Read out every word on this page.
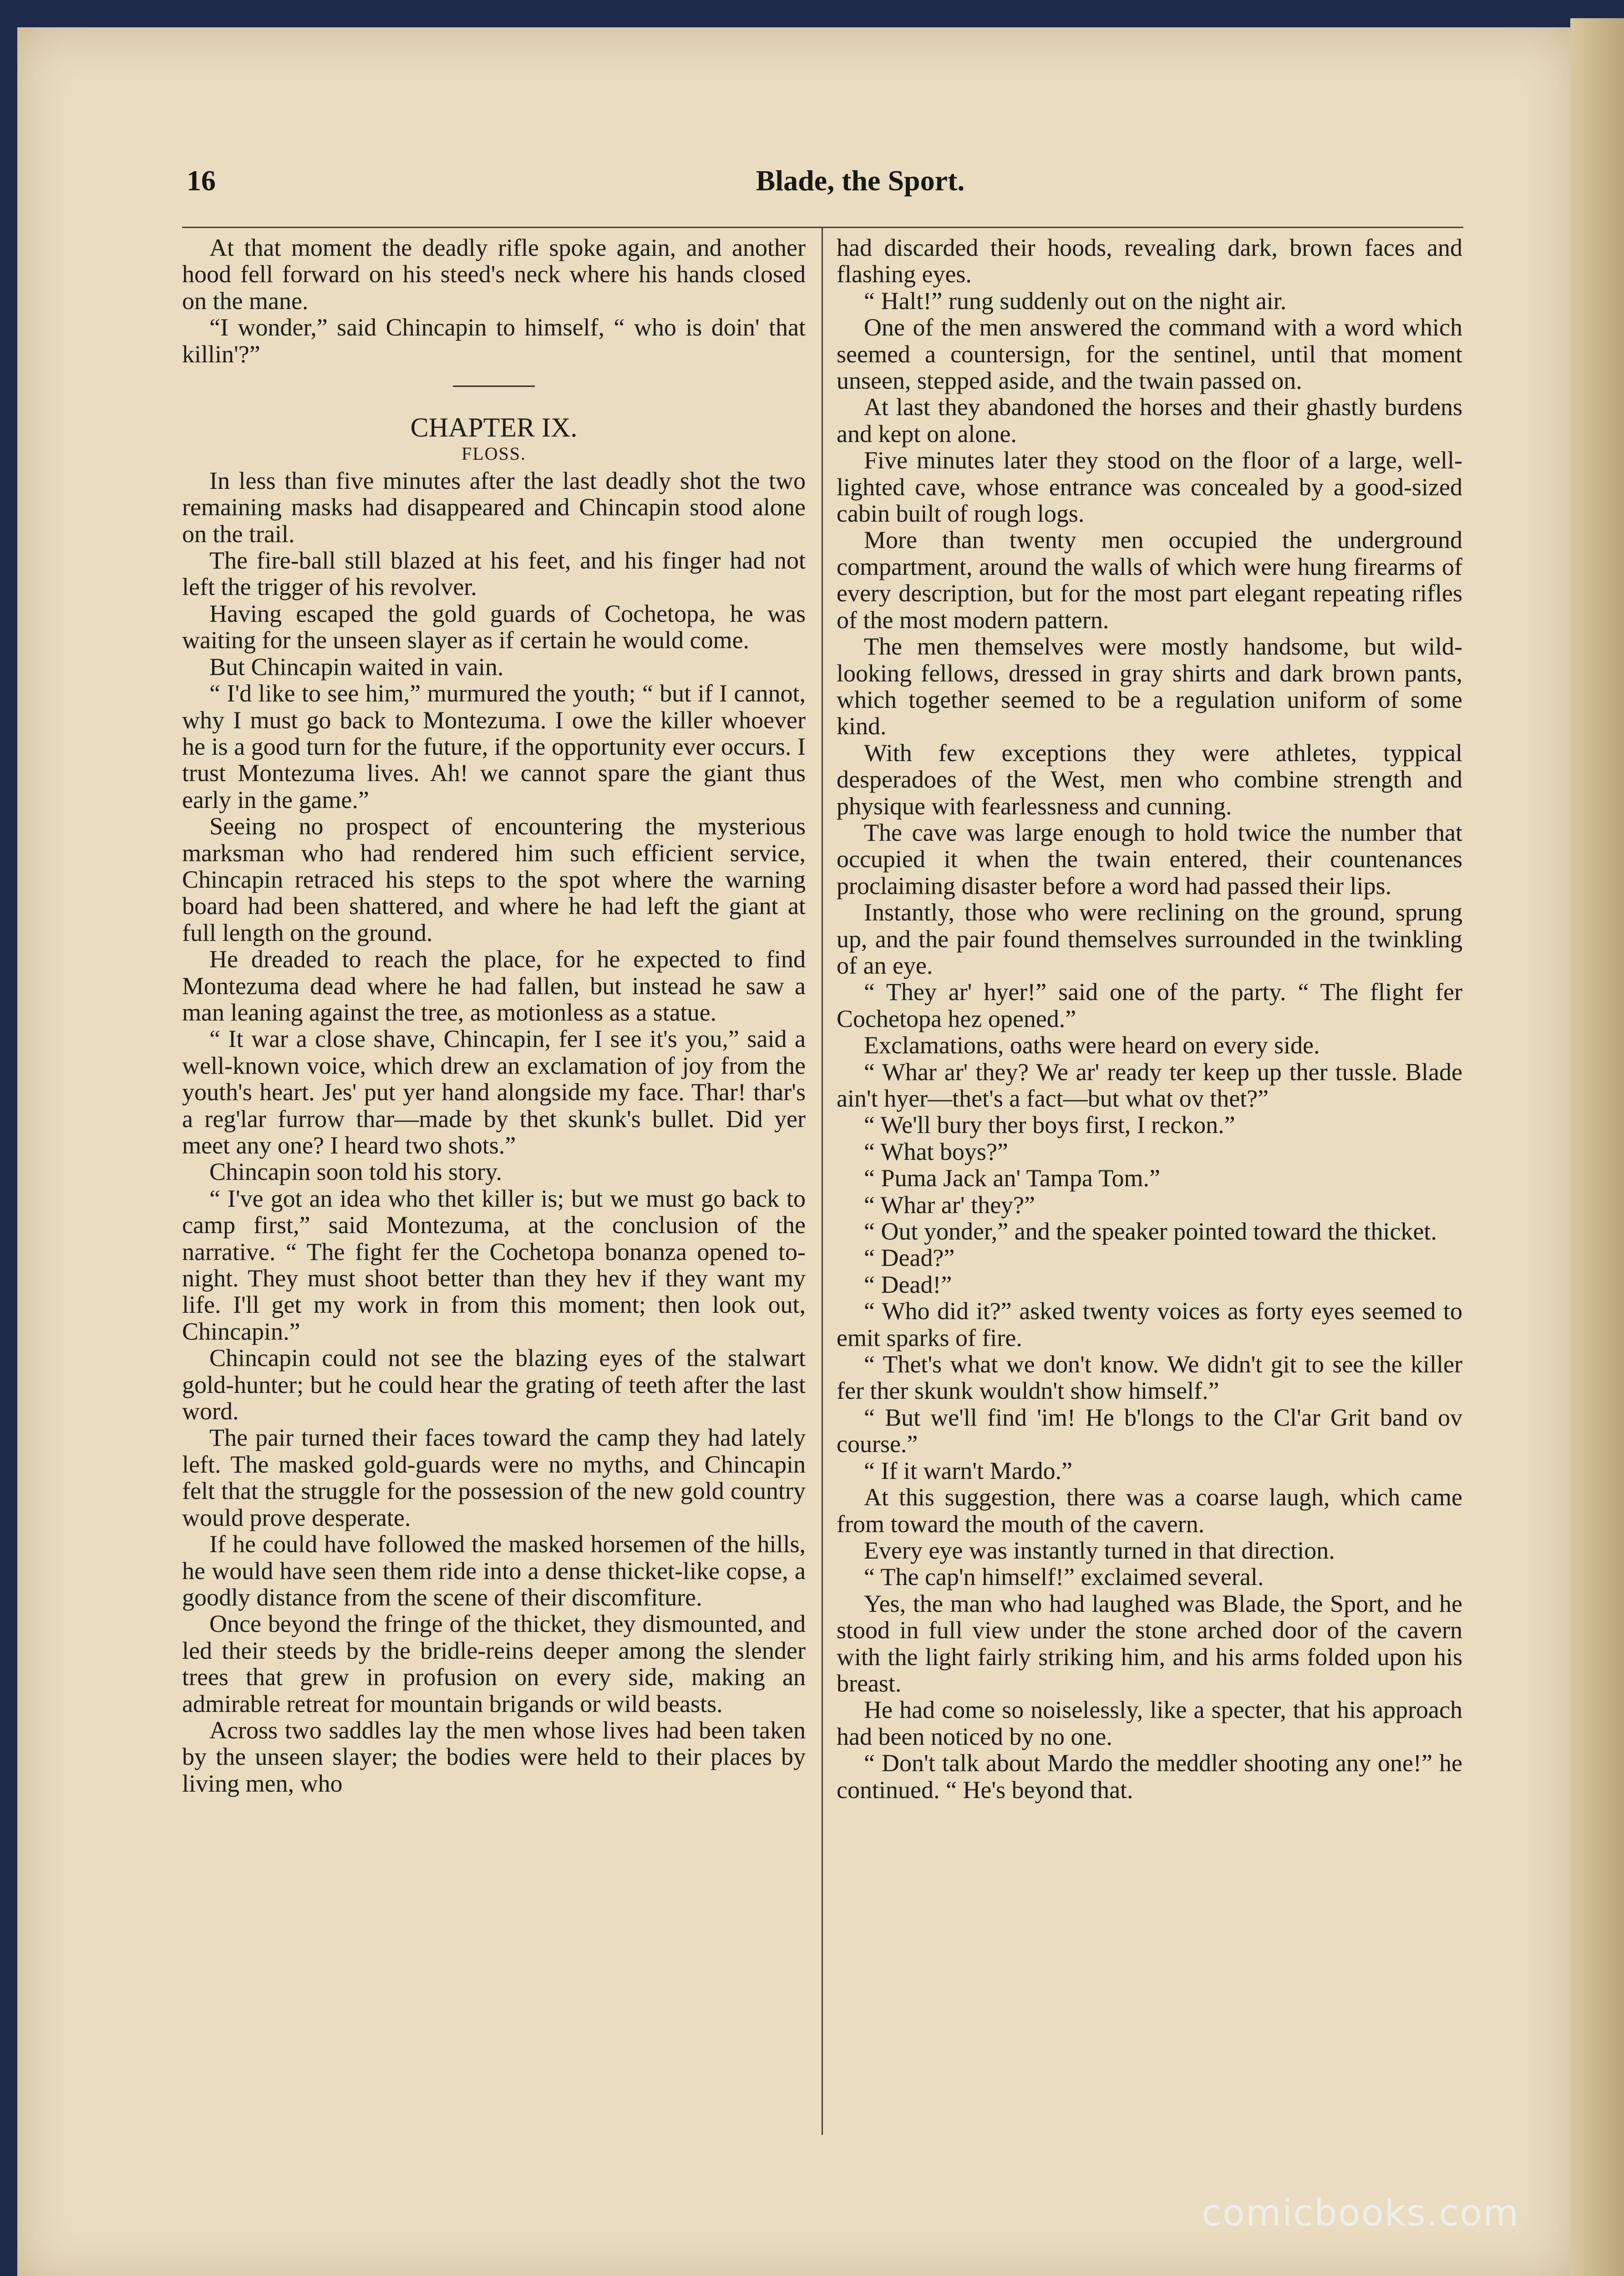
16	Blade, the Sport.

At that moment the deadly rifle spoke again, and another hood fell forward on his steed's neck where his hands closed on the mane.

“I wonder,” said Chincapin to himself, “ who is doin' that killin'?”

CHAPTER IX.

FLOSS.

In less than five minutes after the last deadly shot the two remaining masks had disappeared and Chincapin stood alone on the trail.

The fire-ball still blazed at his feet, and his finger had not left the trigger of his revolver.

Having escaped the gold guards of Cochetopa, he was waiting for the unseen slayer as if certain he would come.

But Chincapin waited in vain.

“ I'd like to see him,” murmured the youth; “ but if I cannot, why I must go back to Montezuma. I owe the killer whoever he is a good turn for the future, if the opportunity ever occurs. I trust Montezuma lives. Ah! we cannot spare the giant thus early in the game.”

Seeing no prospect of encountering the mysterious marksman who had rendered him such efficient service, Chincapin retraced his steps to the spot where the warning board had been shattered, and where he had left the giant at full length on the ground.

He dreaded to reach the place, for he expected to find Montezuma dead where he had fallen, but instead he saw a man leaning against the tree, as motionless as a statue.

“ It war a close shave, Chincapin, fer I see it's you,” said a well-known voice, which drew an exclamation of joy from the youth's heart. Jes' put yer hand alongside my face. Thar! thar's a reg'lar furrow thar—made by thet skunk's bullet. Did yer meet any one? I heard two shots.”

Chincapin soon told his story.

“ I've got an idea who thet killer is; but we must go back to camp first,” said Montezuma, at the conclusion of the narrative. “ The fight fer the Cochetopa bonanza opened to-night. They must shoot better than they hev if they want my life. I'll get my work in from this moment; then look out, Chincapin.”

Chincapin could not see the blazing eyes of the stalwart gold-hunter; but he could hear the grating of teeth after the last word.

The pair turned their faces toward the camp they had lately left. The masked gold-guards were no myths, and Chincapin felt that the struggle for the possession of the new gold country would prove desperate.

If he could have followed the masked horsemen of the hills, he would have seen them ride into a dense thicket-like copse, a goodly distance from the scene of their discomfiture.

Once beyond the fringe of the thicket, they dismounted, and led their steeds by the bridle-reins deeper among the slender trees that grew in profusion on every side, making an admirable retreat for mountain brigands or wild beasts.

Across two saddles lay the men whose lives had been taken by the unseen slayer; the bodies were held to their places by living men, who

had discarded their hoods, revealing dark, brown faces and flashing eyes.

“ Halt!” rung suddenly out on the night air.

One of the men answered the command with a word which seemed a countersign, for the sentinel, until that moment unseen, stepped aside, and the twain passed on.

At last they abandoned the horses and their ghastly burdens and kept on alone.

Five minutes later they stood on the floor of a large, well-lighted cave, whose entrance was concealed by a good-sized cabin built of rough logs.

More than twenty men occupied the underground compartment, around the walls of which were hung firearms of every description, but for the most part elegant repeating rifles of the most modern pattern.

The men themselves were mostly handsome, but wild-looking fellows, dressed in gray shirts and dark brown pants, which together seemed to be a regulation uniform of some kind.

With few exceptions they were athletes, typpical desperadoes of the West, men who combine strength and physique with fearlessness and cunning.

The cave was large enough to hold twice the number that occupied it when the twain entered, their countenances proclaiming disaster before a word had passed their lips.

Instantly, those who were reclining on the ground, sprung up, and the pair found themselves surrounded in the twinkling of an eye.

“ They ar' hyer!” said one of the party. “ The flight fer Cochetopa hez opened.”

Exclamations, oaths were heard on every side.

“ Whar ar' they? We ar' ready ter keep up ther tussle. Blade ain't hyer—thet's a fact—but what ov thet?”

“ We'll bury ther boys first, I reckon.”

“ What boys?”

“ Puma Jack an' Tampa Tom.”

“ Whar ar' they?”

“ Out yonder,” and the speaker pointed toward the thicket.

“ Dead?”

“ Dead!”

“ Who did it?” asked twenty voices as forty eyes seemed to emit sparks of fire.

“ Thet's what we don't know. We didn't git to see the killer fer ther skunk wouldn't show himself.”

“ But we'll find 'im! He b'longs to the Cl'ar Grit band ov course.”

“ If it warn't Mardo.”

At this suggestion, there was a coarse laugh, which came from toward the mouth of the cavern.

Every eye was instantly turned in that direction.

“ The cap'n himself!” exclaimed several.

Yes, the man who had laughed was Blade, the Sport, and he stood in full view under the stone arched door of the cavern with the light fairly striking him, and his arms folded upon his breast.

He had come so noiselessly, like a specter, that his approach had been noticed by no one.

“ Don't talk about Mardo the meddler shooting any one!” he continued. “ He's beyond that.

comicbooks.com
